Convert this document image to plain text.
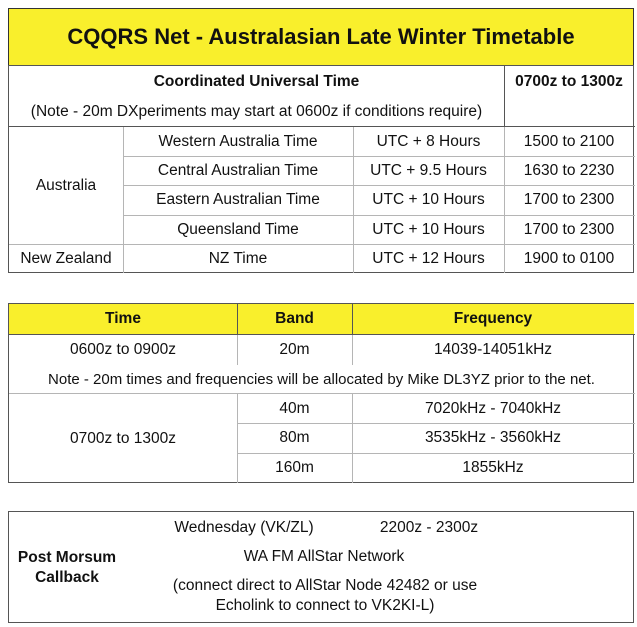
CQQRS Net - Australasian Late Winter Timetable
Coordinated Universal Time	0700z to 1300z
(Note - 20m DXperiments may start at 0600z if conditions require)
Australia
Western Australia Time	UTC + 8 Hours	1500 to 2100
Central Australian Time	UTC + 9.5 Hours	1630 to 2230
Eastern Australian Time	UTC + 10 Hours	1700 to 2300
Queensland Time	UTC + 10 Hours	1700 to 2300
New Zealand	NZ Time	UTC + 12 Hours	1900 to 0100
Time	Band	Frequency
0600z to 0900z	20m	14039-14051kHz
Note - 20m times and frequencies will be allocated by Mike DL3YZ prior to the net.
0700z to 1300z
40m	7020kHz - 7040kHz
80m	3535kHz - 3560kHz
160m	1855kHz
Post Morsum
Callback
Wednesday (VK/ZL)	2200z - 2300z
WA FM AllStar Network
(connect direct to AllStar Node 42482 or use
Echolink to connect to VK2KI-L)
